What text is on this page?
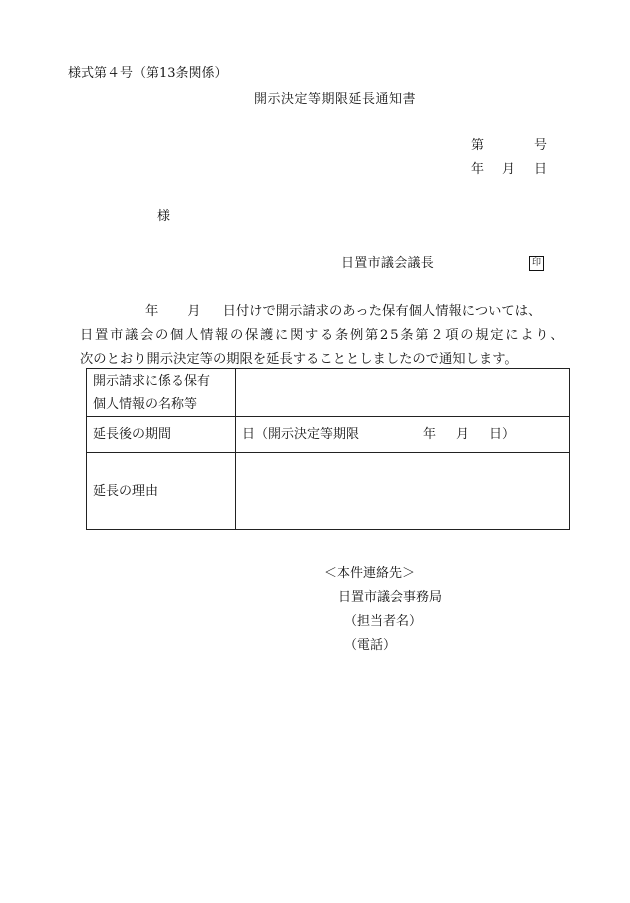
様式第４号（第13条関係）
開示決定等期限延長通知書
第	号
年 月 日
様
日置市議会議長	印
年 月 日付けで開示請求のあった保有個人情報については、
日置市議会の個人情報の保護に関する条例第25条第２項の規定により、
次のとおり開示決定等の期限を延長することとしましたので通知します。
開示請求に係る保有
個人情報の名称等	

延長後の期間	日（開示決定等期限 年 月 日）
延長の理由	
＜本件連絡先＞
日置市議会事務局
（担当者名）
（電話）
